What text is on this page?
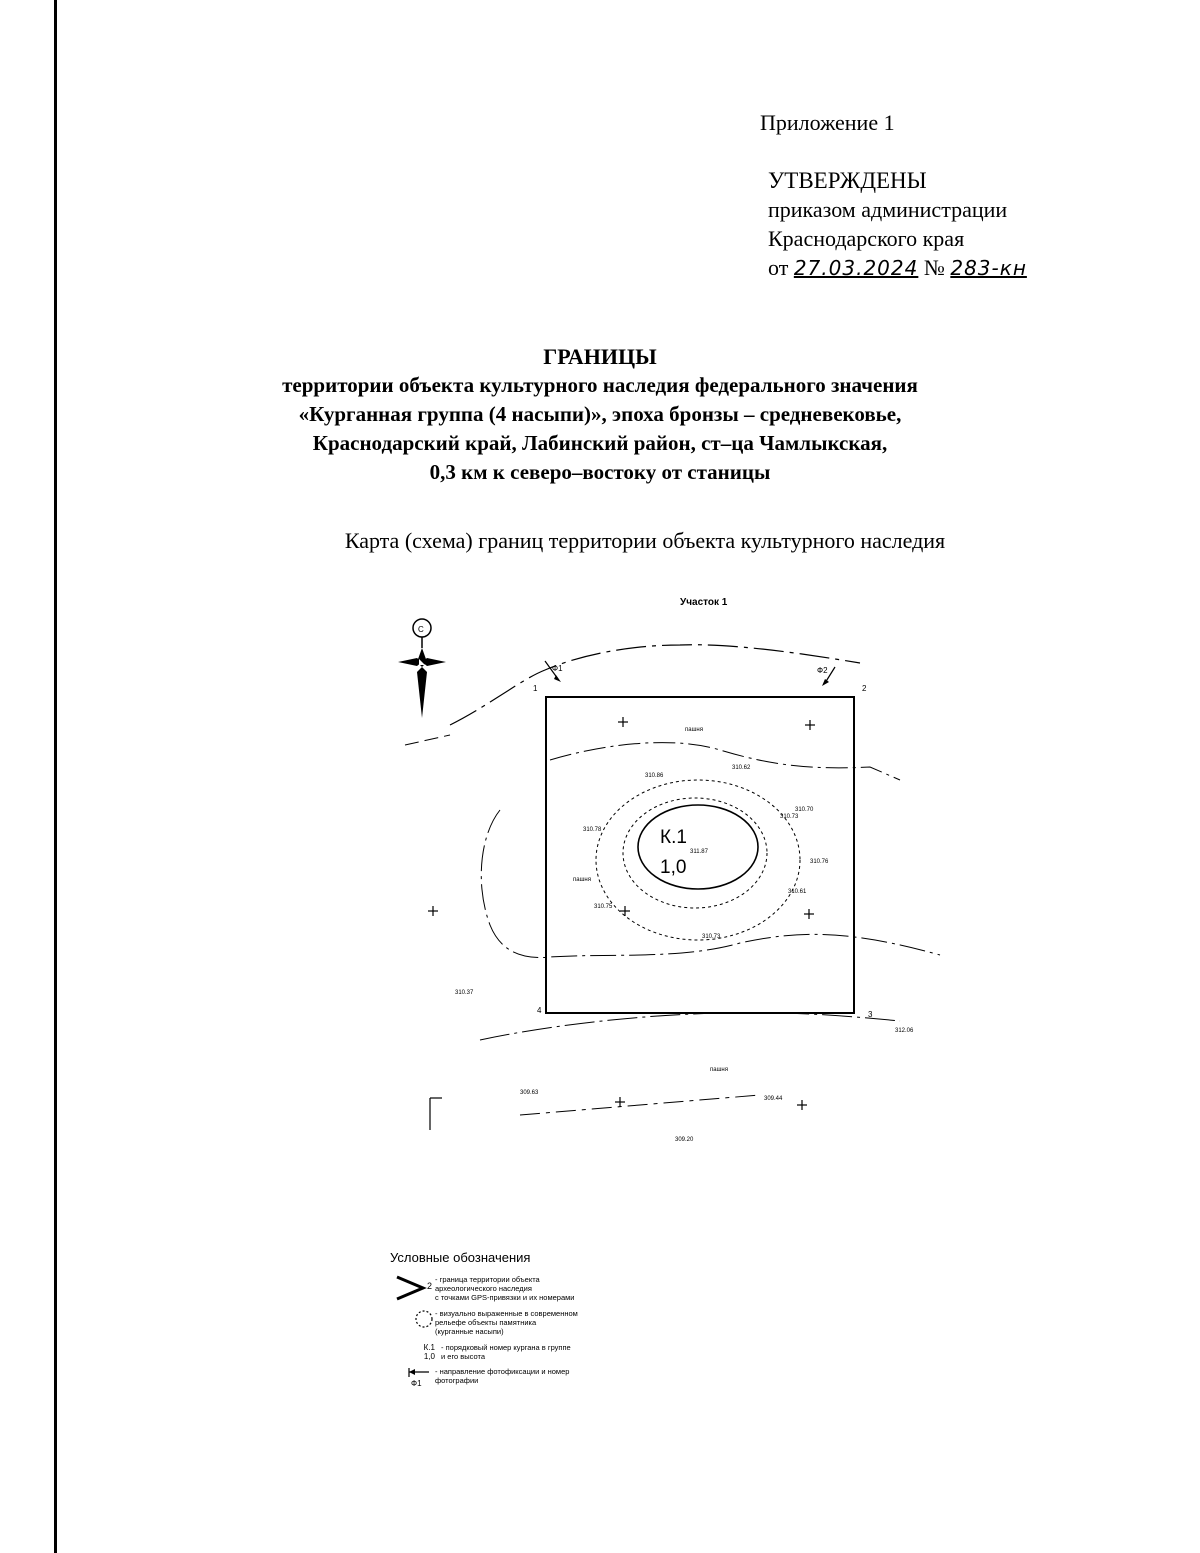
Приложение 1
УТВЕРЖДЕНЫ
приказом администрации
Краснодарского края
от 27.03.2024 № 283-кн
ГРАНИЦЫ
территории объекта культурного наследия федерального значения
«Курганная группа (4 насыпи)», эпоха бронзы – средневековье,
Краснодарский край, Лабинский район, ст–ца Чамлыкская,
0,3 км к северо–востоку от станицы
Карта (схема) границ территории объекта культурного наследия
Участок 1
С
1	2
3
4
Ф1	Ф2
К.1
1,0
пашня
пашня
пашня
310.86
310.62
310.70
310.73
310.78
311.87
310.76
310.61
310.75
310.73
310.37
312.06
309.63
309.44
309.20
Условные обозначения
2
- граница территории объекта
археологического наследия
с точками GPS-привязки и их номерами
- визуально выраженные в современном
рельефе объекты памятника
(курганные насыпи)
К.1
1,0
- порядковый номер кургана в группе
и его высота
Ф1
- направление фотофиксации и номер
фотографии
